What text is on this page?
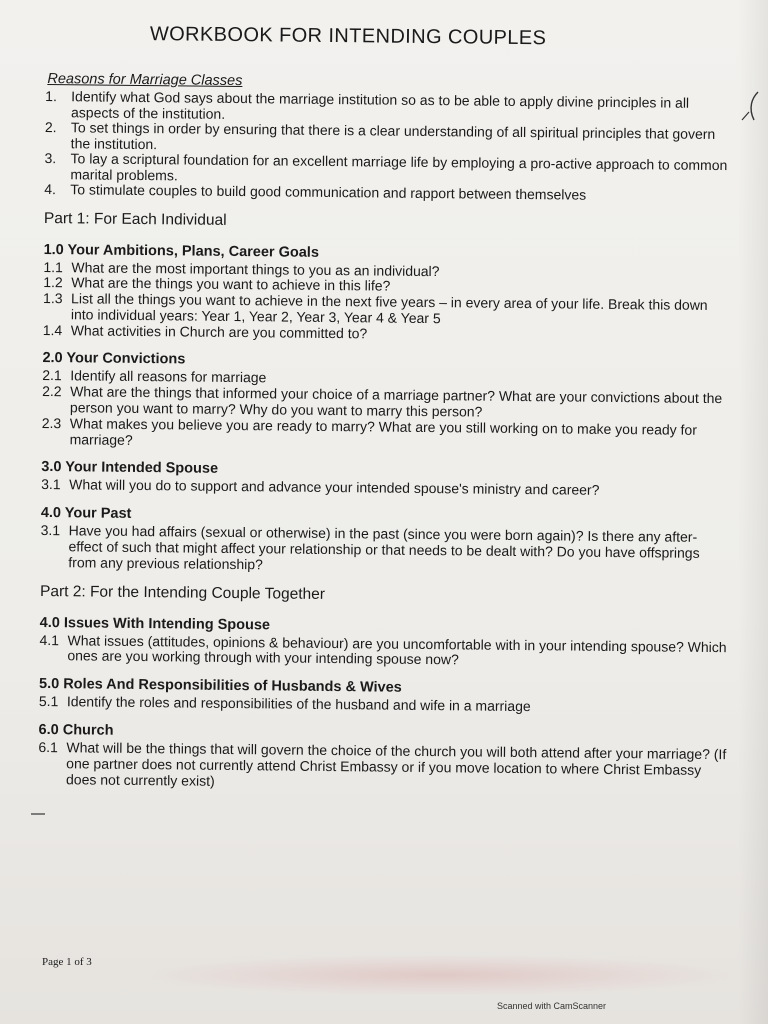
WORKBOOK FOR INTENDING COUPLES
Reasons for Marriage Classes
1.	Identify what God says about the marriage institution so as to be able to apply divine principles in all aspects of the institution.
2.	To set things in order by ensuring that there is a clear understanding of all spiritual principles that govern the institution.
3.	To lay a scriptural foundation for an excellent marriage life by employing a pro-active approach to common marital problems.
4.	To stimulate couples to build good communication and rapport between themselves
Part 1: For Each Individual
1.0 Your Ambitions, Plans, Career Goals
1.1 What are the most important things to you as an individual?
1.2 What are the things you want to achieve in this life?
1.3 List all the things you want to achieve in the next five years – in every area of your life. Break this down into individual years: Year 1, Year 2, Year 3, Year 4 & Year 5
1.4 What activities in Church are you committed to?
2.0 Your Convictions
2.1 Identify all reasons for marriage
2.2 What are the things that informed your choice of a marriage partner? What are your convictions about the person you want to marry? Why do you want to marry this person?
2.3 What makes you believe you are ready to marry? What are you still working on to make you ready for marriage?
3.0 Your Intended Spouse
3.1 What will you do to support and advance your intended spouse's ministry and career?
4.0 Your Past
3.1 Have you had affairs (sexual or otherwise) in the past (since you were born again)? Is there any after-effect of such that might affect your relationship or that needs to be dealt with? Do you have offsprings from any previous relationship?
Part 2: For the Intending Couple Together
4.0 Issues With Intending Spouse
4.1 What issues (attitudes, opinions & behaviour) are you uncomfortable with in your intending spouse? Which ones are you working through with your intending spouse now?
5.0 Roles And Responsibilities of Husbands & Wives
5.1 Identify the roles and responsibilities of the husband and wife in a marriage
6.0 Church
6.1 What will be the things that will govern the choice of the church you will both attend after your marriage? (If one partner does not currently attend Christ Embassy or if you move location to where Christ Embassy does not currently exist)
Page 1 of 3
Scanned with CamScanner
